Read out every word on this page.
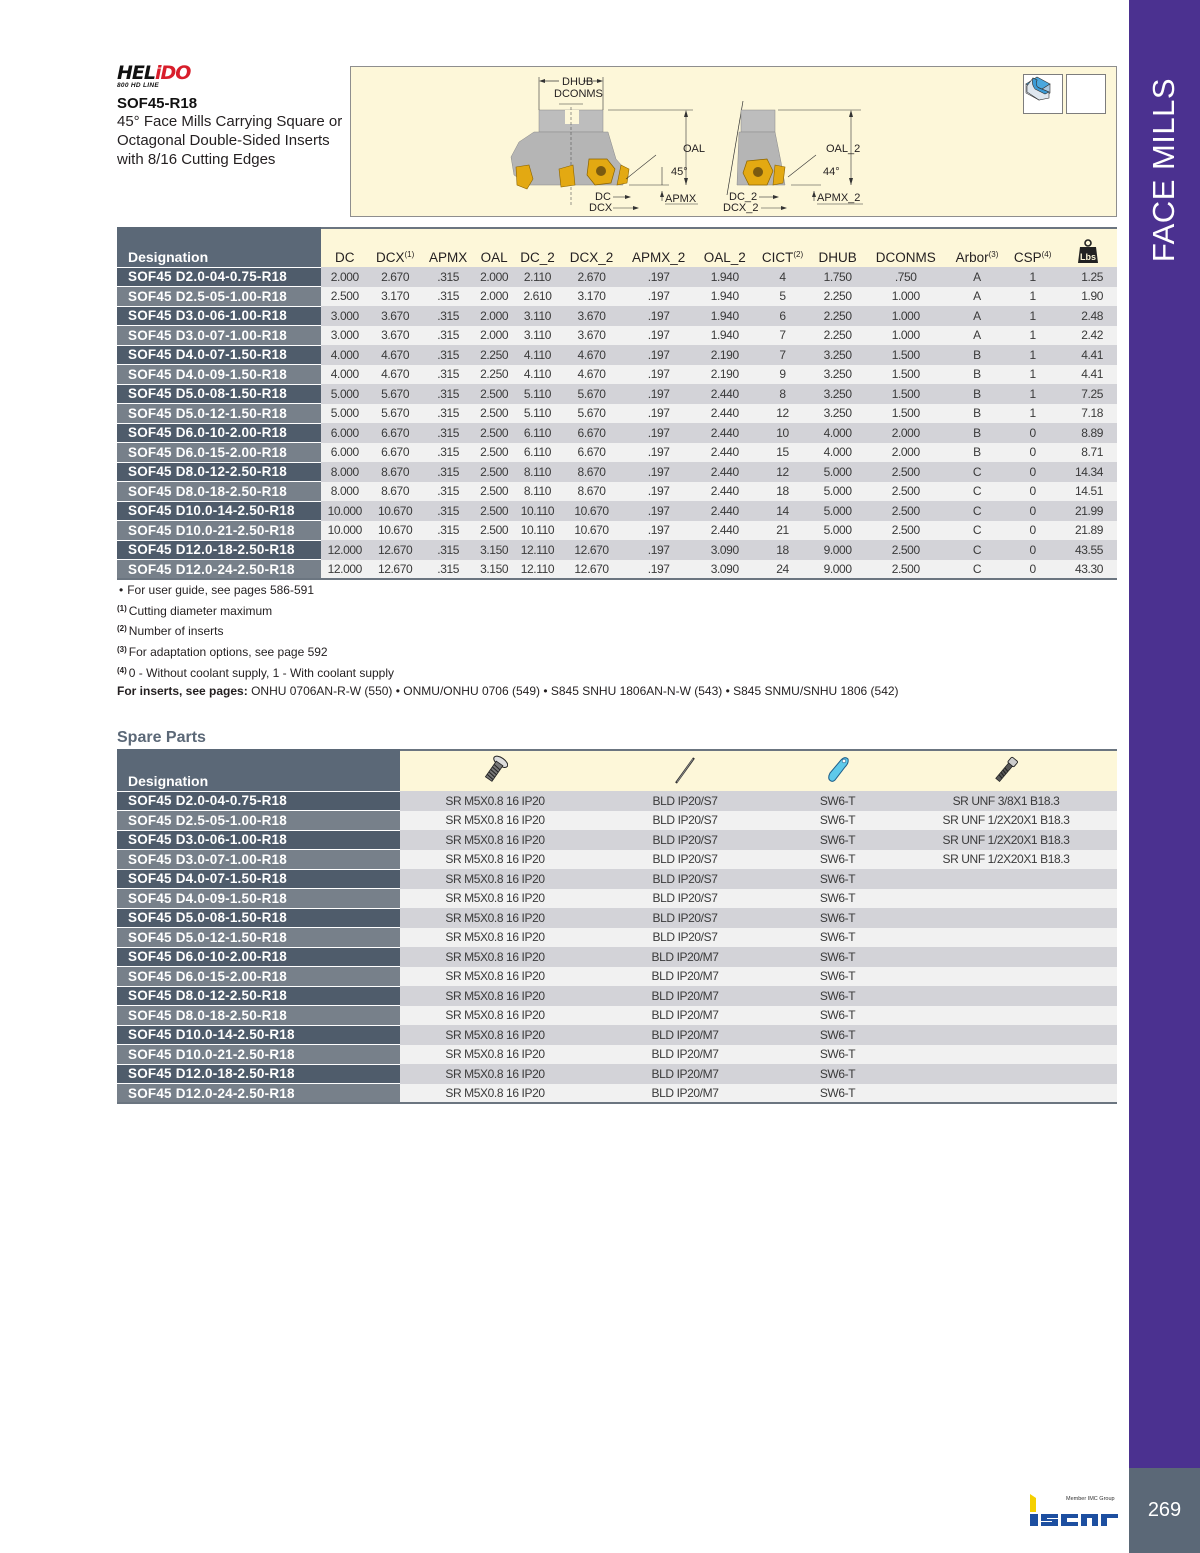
FACE MILLS
269
HELiDO
800 HD LINE
SOF45-R18
45° Face Mills Carrying Square or Octagonal Double-Sided Inserts with 8/16 Cutting Edges
DHUB
DCONMS
OAL
45°
APMX
DC
DCX
OAL_2
44°
APMX_2
DC_2
DCX_2
Designation	DC	DCX$^{(1)}$	APMX	OAL	DC_2	DCX_2	APMX_2	OAL_2	CICT$^{(2)}$	DHUB	DCONMS	Arbor$^{(3)}$	CSP$^{(4)}$	Lbs

SOF45 D2.0-04-0.75-R18	2.000	2.670	.315	2.000	2.110	2.670	.197	1.940	4	1.750	.750	A	1	1.25
SOF45 D2.5-05-1.00-R18	2.500	3.170	.315	2.000	2.610	3.170	.197	1.940	5	2.250	1.000	A	1	1.90
SOF45 D3.0-06-1.00-R18	3.000	3.670	.315	2.000	3.110	3.670	.197	1.940	6	2.250	1.000	A	1	2.48
SOF45 D3.0-07-1.00-R18	3.000	3.670	.315	2.000	3.110	3.670	.197	1.940	7	2.250	1.000	A	1	2.42
SOF45 D4.0-07-1.50-R18	4.000	4.670	.315	2.250	4.110	4.670	.197	2.190	7	3.250	1.500	B	1	4.41
SOF45 D4.0-09-1.50-R18	4.000	4.670	.315	2.250	4.110	4.670	.197	2.190	9	3.250	1.500	B	1	4.41
SOF45 D5.0-08-1.50-R18	5.000	5.670	.315	2.500	5.110	5.670	.197	2.440	8	3.250	1.500	B	1	7.25
SOF45 D5.0-12-1.50-R18	5.000	5.670	.315	2.500	5.110	5.670	.197	2.440	12	3.250	1.500	B	1	7.18
SOF45 D6.0-10-2.00-R18	6.000	6.670	.315	2.500	6.110	6.670	.197	2.440	10	4.000	2.000	B	0	8.89
SOF45 D6.0-15-2.00-R18	6.000	6.670	.315	2.500	6.110	6.670	.197	2.440	15	4.000	2.000	B	0	8.71
SOF45 D8.0-12-2.50-R18	8.000	8.670	.315	2.500	8.110	8.670	.197	2.440	12	5.000	2.500	C	0	14.34
SOF45 D8.0-18-2.50-R18	8.000	8.670	.315	2.500	8.110	8.670	.197	2.440	18	5.000	2.500	C	0	14.51
SOF45 D10.0-14-2.50-R18	10.000	10.670	.315	2.500	10.110	10.670	.197	2.440	14	5.000	2.500	C	0	21.99
SOF45 D10.0-21-2.50-R18	10.000	10.670	.315	2.500	10.110	10.670	.197	2.440	21	5.000	2.500	C	0	21.89
SOF45 D12.0-18-2.50-R18	12.000	12.670	.315	3.150	12.110	12.670	.197	3.090	18	9.000	2.500	C	0	43.55
SOF45 D12.0-24-2.50-R18	12.000	12.670	.315	3.150	12.110	12.670	.197	3.090	24	9.000	2.500	C	0	43.30
• For user guide, see pages 586-591
$^{(1)}$ Cutting diameter maximum
$^{(2)}$ Number of inserts
$^{(3)}$ For adaptation options, see page 592
$^{(4)}$ 0 - Without coolant supply, 1 - With coolant supply
For inserts, see pages: ONHU 0706AN-R-W (550) • ONMU/ONHU 0706 (549) • S845 SNHU 1806AN-N-W (543) • S845 SNMU/SNHU 1806 (542)
Spare Parts
Designation				
SOF45 D2.0-04-0.75-R18	SR M5X0.8 16 IP20	BLD IP20/S7	SW6-T	SR UNF 3/8X1 B18.3
SOF45 D2.5-05-1.00-R18	SR M5X0.8 16 IP20	BLD IP20/S7	SW6-T	SR UNF 1/2X20X1 B18.3
SOF45 D3.0-06-1.00-R18	SR M5X0.8 16 IP20	BLD IP20/S7	SW6-T	SR UNF 1/2X20X1 B18.3
SOF45 D3.0-07-1.00-R18	SR M5X0.8 16 IP20	BLD IP20/S7	SW6-T	SR UNF 1/2X20X1 B18.3
SOF45 D4.0-07-1.50-R18	SR M5X0.8 16 IP20	BLD IP20/S7	SW6-T	
SOF45 D4.0-09-1.50-R18	SR M5X0.8 16 IP20	BLD IP20/S7	SW6-T	
SOF45 D5.0-08-1.50-R18	SR M5X0.8 16 IP20	BLD IP20/S7	SW6-T	
SOF45 D5.0-12-1.50-R18	SR M5X0.8 16 IP20	BLD IP20/S7	SW6-T	
SOF45 D6.0-10-2.00-R18	SR M5X0.8 16 IP20	BLD IP20/M7	SW6-T	
SOF45 D6.0-15-2.00-R18	SR M5X0.8 16 IP20	BLD IP20/M7	SW6-T	
SOF45 D8.0-12-2.50-R18	SR M5X0.8 16 IP20	BLD IP20/M7	SW6-T	
SOF45 D8.0-18-2.50-R18	SR M5X0.8 16 IP20	BLD IP20/M7	SW6-T	
SOF45 D10.0-14-2.50-R18	SR M5X0.8 16 IP20	BLD IP20/M7	SW6-T	
SOF45 D10.0-21-2.50-R18	SR M5X0.8 16 IP20	BLD IP20/M7	SW6-T	
SOF45 D12.0-18-2.50-R18	SR M5X0.8 16 IP20	BLD IP20/M7	SW6-T	
SOF45 D12.0-24-2.50-R18	SR M5X0.8 16 IP20	BLD IP20/M7	SW6-T	
Member IMC Group
